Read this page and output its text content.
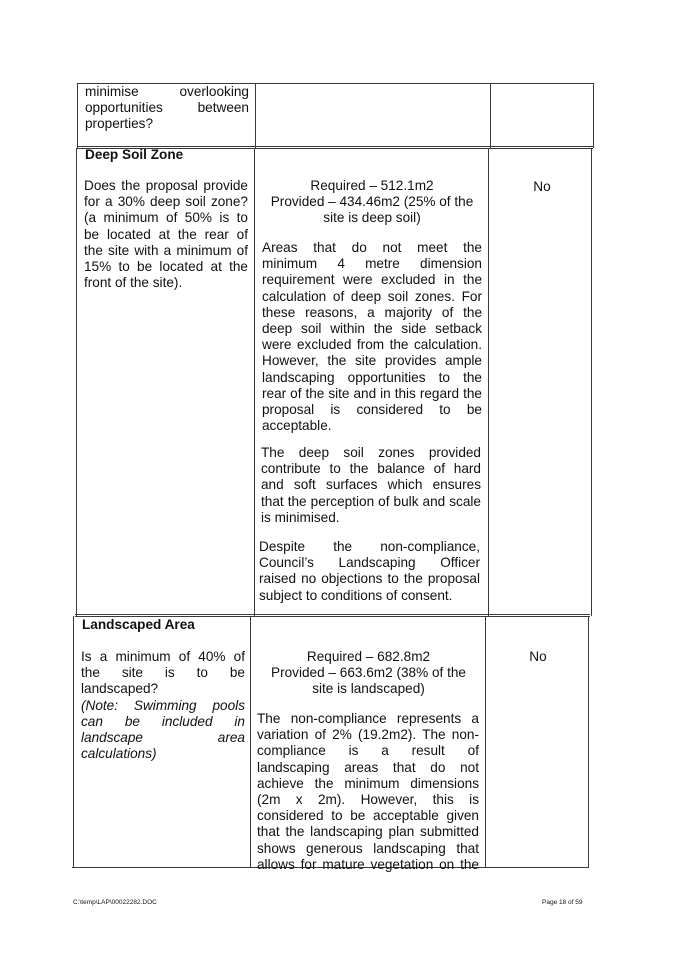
minimise overlooking

opportunities between

properties?

Deep Soil Zone

Does the proposal provide

for a 30% deep soil zone?

(a minimum of 50% is to

be located at the rear of

the site with a minimum of

15% to be located at the

front of the site).

Required – 512.1m2

Provided – 434.46m2 (25% of the

site is deep soil)

Areas that do not meet the

minimum 4 metre dimension

requirement were excluded in the

calculation of deep soil zones. For

these reasons, a majority of the

deep soil within the side setback

were excluded from the calculation.

However, the site provides ample

landscaping opportunities to the

rear of the site and in this regard the

proposal is considered to be

acceptable.

The deep soil zones provided

contribute to the balance of hard

and soft surfaces which ensures

that the perception of bulk and scale

is minimised.

Despite the non-compliance,

Council’s Landscaping Officer

raised no objections to the proposal

subject to conditions of consent.

No
Landscaped Area

Is a minimum of 40% of

the site is to be

landscaped?

(Note: Swimming pools

can be included in

landscape area

calculations)

Required – 682.8m2

Provided – 663.6m2 (38% of the

site is landscaped)

The non-compliance represents a

variation of 2% (19.2m2). The non-

compliance is a result of

landscaping areas that do not

achieve the minimum dimensions

(2m x 2m). However, this is

considered to be acceptable given

that the landscaping plan submitted

shows generous landscaping that

allows for mature vegetation on the

No
C:\temp\LAP\00022282.DOC	Page 18 of 59
